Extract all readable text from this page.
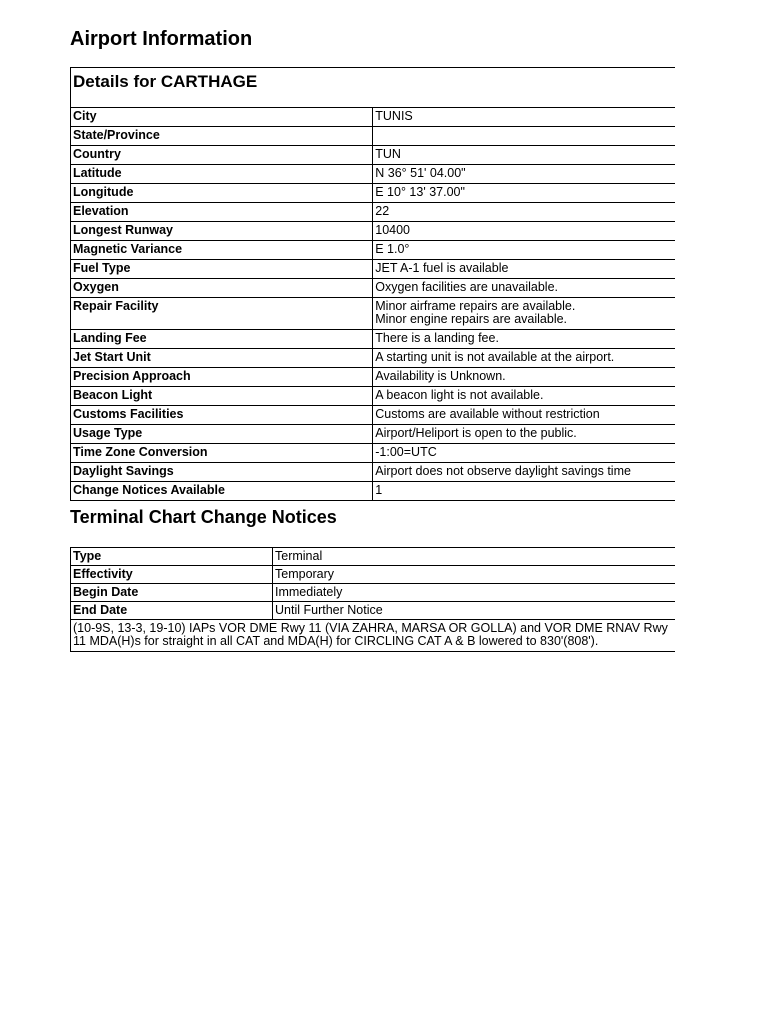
Airport Information
Details for CARTHAGE	
City	TUNIS
State/Province	
Country	TUN
Latitude	N 36° 51' 04.00"
Longitude	E 10° 13' 37.00"
Elevation	22
Longest Runway	10400
Magnetic Variance	E 1.0°
Fuel Type	JET A-1 fuel is available
Oxygen	Oxygen facilities are unavailable.
Repair Facility	Minor airframe repairs are available.
Minor engine repairs are available.
Landing Fee	There is a landing fee.
Jet Start Unit	A starting unit is not available at the airport.
Precision Approach	Availability is Unknown.
Beacon Light	A beacon light is not available.
Customs Facilities	Customs are available without restriction
Usage Type	Airport/Heliport is open to the public.
Time Zone Conversion	-1:00=UTC
Daylight Savings	Airport does not observe daylight savings time
Change Notices Available	1
Terminal Chart Change Notices
Type	Terminal
Effectivity	Temporary
Begin Date	Immediately
End Date	Until Further Notice
(10-9S, 13-3, 19-10) IAPs VOR DME Rwy 11 (VIA ZAHRA, MARSA OR GOLLA) and VOR DME RNAV Rwy 11 MDA(H)s for straight in all CAT and MDA(H) for CIRCLING CAT A & B lowered to 830'(808').	
